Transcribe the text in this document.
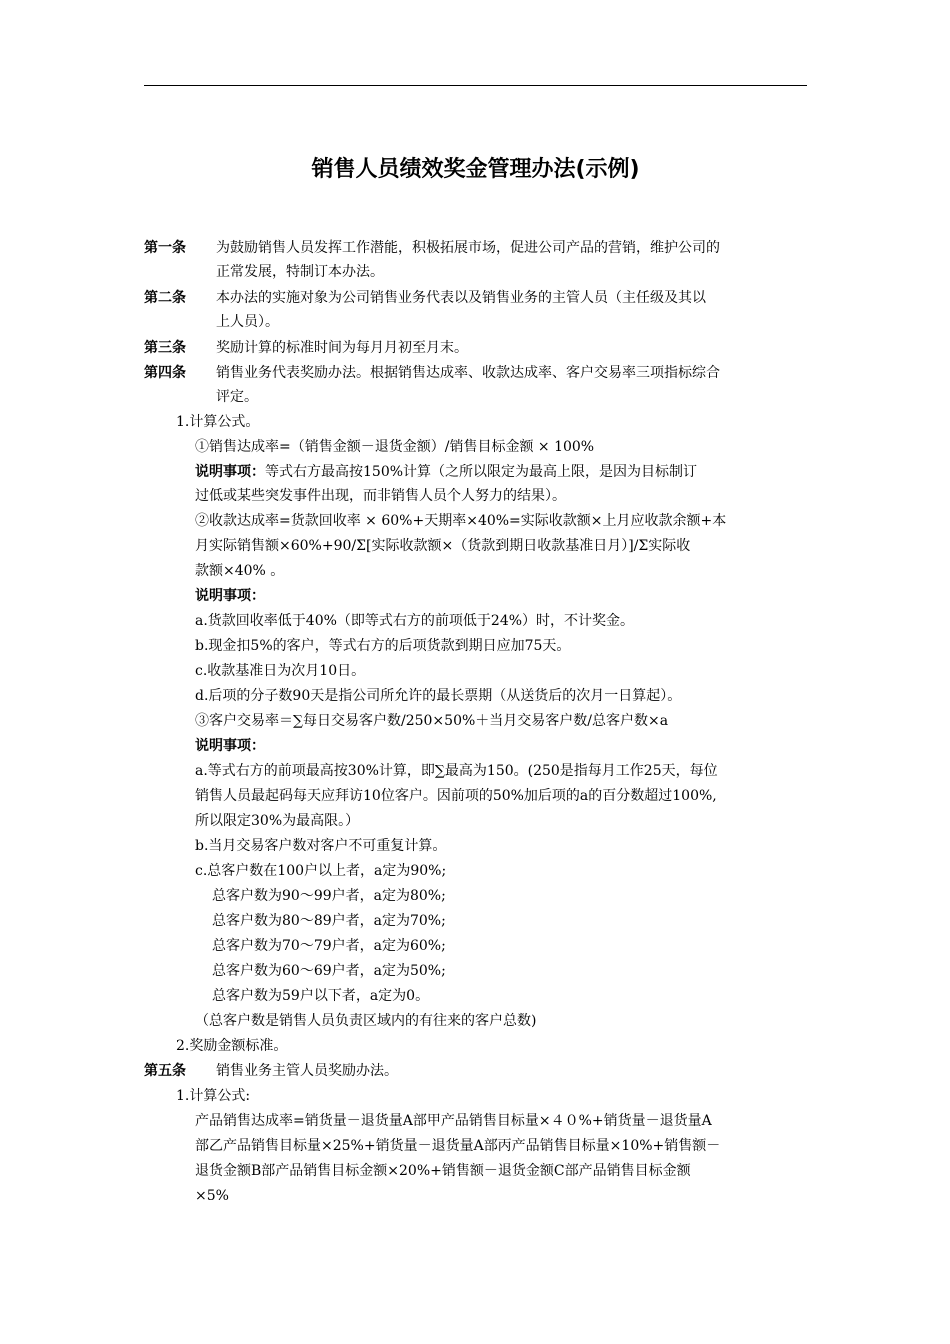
销售人员绩效奖金管理办法(示例)
第一条 为鼓励销售人员发挥工作潜能，积极拓展市场，促进公司产品的营销，维护公司的
正常发展，特制订本办法。
第二条 本办法的实施对象为公司销售业务代表以及销售业务的主管人员（主任级及其以
上人员）。
第三条 奖励计算的标准时间为每月月初至月末。
第四条 销售业务代表奖励办法。根据销售达成率、收款达成率、客户交易率三项指标综合
评定。
1.计算公式。
①销售达成率=（销售金额－退货金额）/销售目标金额 × 100%
说明事项：等式右方最高按150%计算（之所以限定为最高上限，是因为目标制订
过低或某些突发事件出现，而非销售人员个人努力的结果）。
②收款达成率=货款回收率 × 60%+天期率×40%=实际收款额×上月应收款余额+本
月实际销售额×60%+90/Σ[实际收款额×（货款到期日收款基准日月）]/Σ实际收
款额×40% 。
说明事项：
a.货款回收率低于40%（即等式右方的前项低于24%）时，不计奖金。
b.现金扣5%的客户，等式右方的后项货款到期日应加75天。
c.收款基准日为次月10日。
d.后项的分子数90天是指公司所允许的最长票期（从送货后的次月一日算起）。
③客户交易率＝∑每日交易客户数/250×50%＋当月交易客户数/总客户数×a
说明事项：
a.等式右方的前项最高按30%计算，即∑最高为150。(250是指每月工作25天，每位
销售人员最起码每天应拜访10位客户。因前项的50%加后项的a的百分数超过100%,
所以限定30%为最高限。）
b.当月交易客户数对客户不可重复计算。
c.总客户数在100户以上者，a定为90%;
总客户数为90～99户者，a定为80%;
总客户数为80～89户者，a定为70%;
总客户数为70～79户者，a定为60%;
总客户数为60～69户者，a定为50%;
总客户数为59户以下者，a定为0。
（总客户数是销售人员负责区域内的有往来的客户总数)
2.奖励金额标准。
第五条 销售业务主管人员奖励办法。
1.计算公式:
产品销售达成率=销货量－退货量A部甲产品销售目标量×４０%+销货量－退货量A
部乙产品销售目标量×25%+销货量－退货量A部丙产品销售目标量×10%+销售额－
退货金额B部产品销售目标金额×20%+销售额－退货金额C部产品销售目标金额
×5%
